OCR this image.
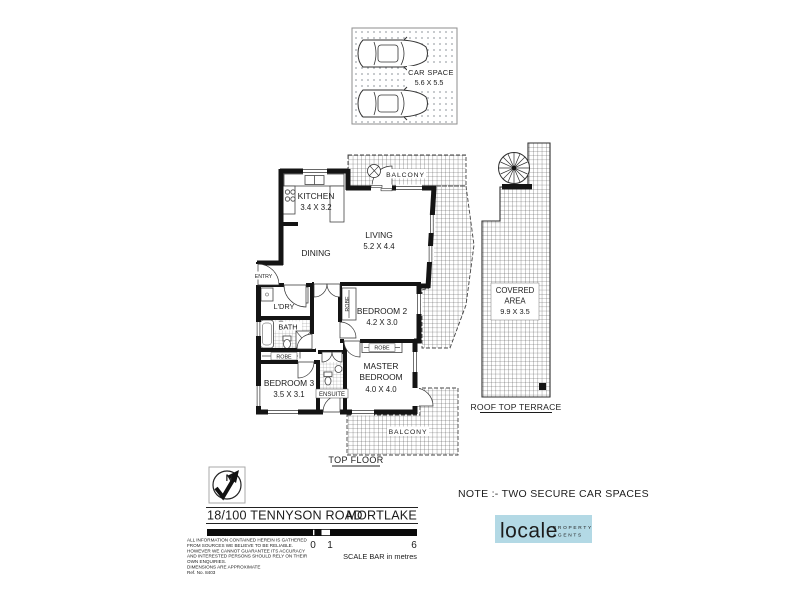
CAR SPACE
5.6 X 5.5
COVERED
AREA
9.9 X 3.5
ROOF TOP TERRACE
BALCONY
BALCONY
ROBE
ROBE
ROBE
KITCHEN
3.4 X 3.2
LIVING
5.2 X 4.4
DINING
ENTRY
L'DRY
BATH
BEDROOM 2
4.2 X 3.0
BEDROOM 3
3.5 X 3.1
MASTER
BEDROOM
4.0 X 4.0
ENSUITE
TOP FLOOR
N
NOTE :- TWO SECURE CAR SPACES
18/100 TENNYSON ROAD
MORTLAKE
0 1	6
SCALE BAR in metres
ALL INFORMATION CONTAINED HEREIN IS GATHERED
FROM SOURCES WE BELIEVE TO BE RELIABLE.
HOWEVER WE CANNOT GUARANTEE ITS ACCURACY
AND INTERESTED PERSONS SHOULD RELY ON THEIR
OWN ENQUIRIES.
DIMENSIONS ARE APPROXIMATE
Ref. No. 8403
locale
PROPERTY
AGENTS
